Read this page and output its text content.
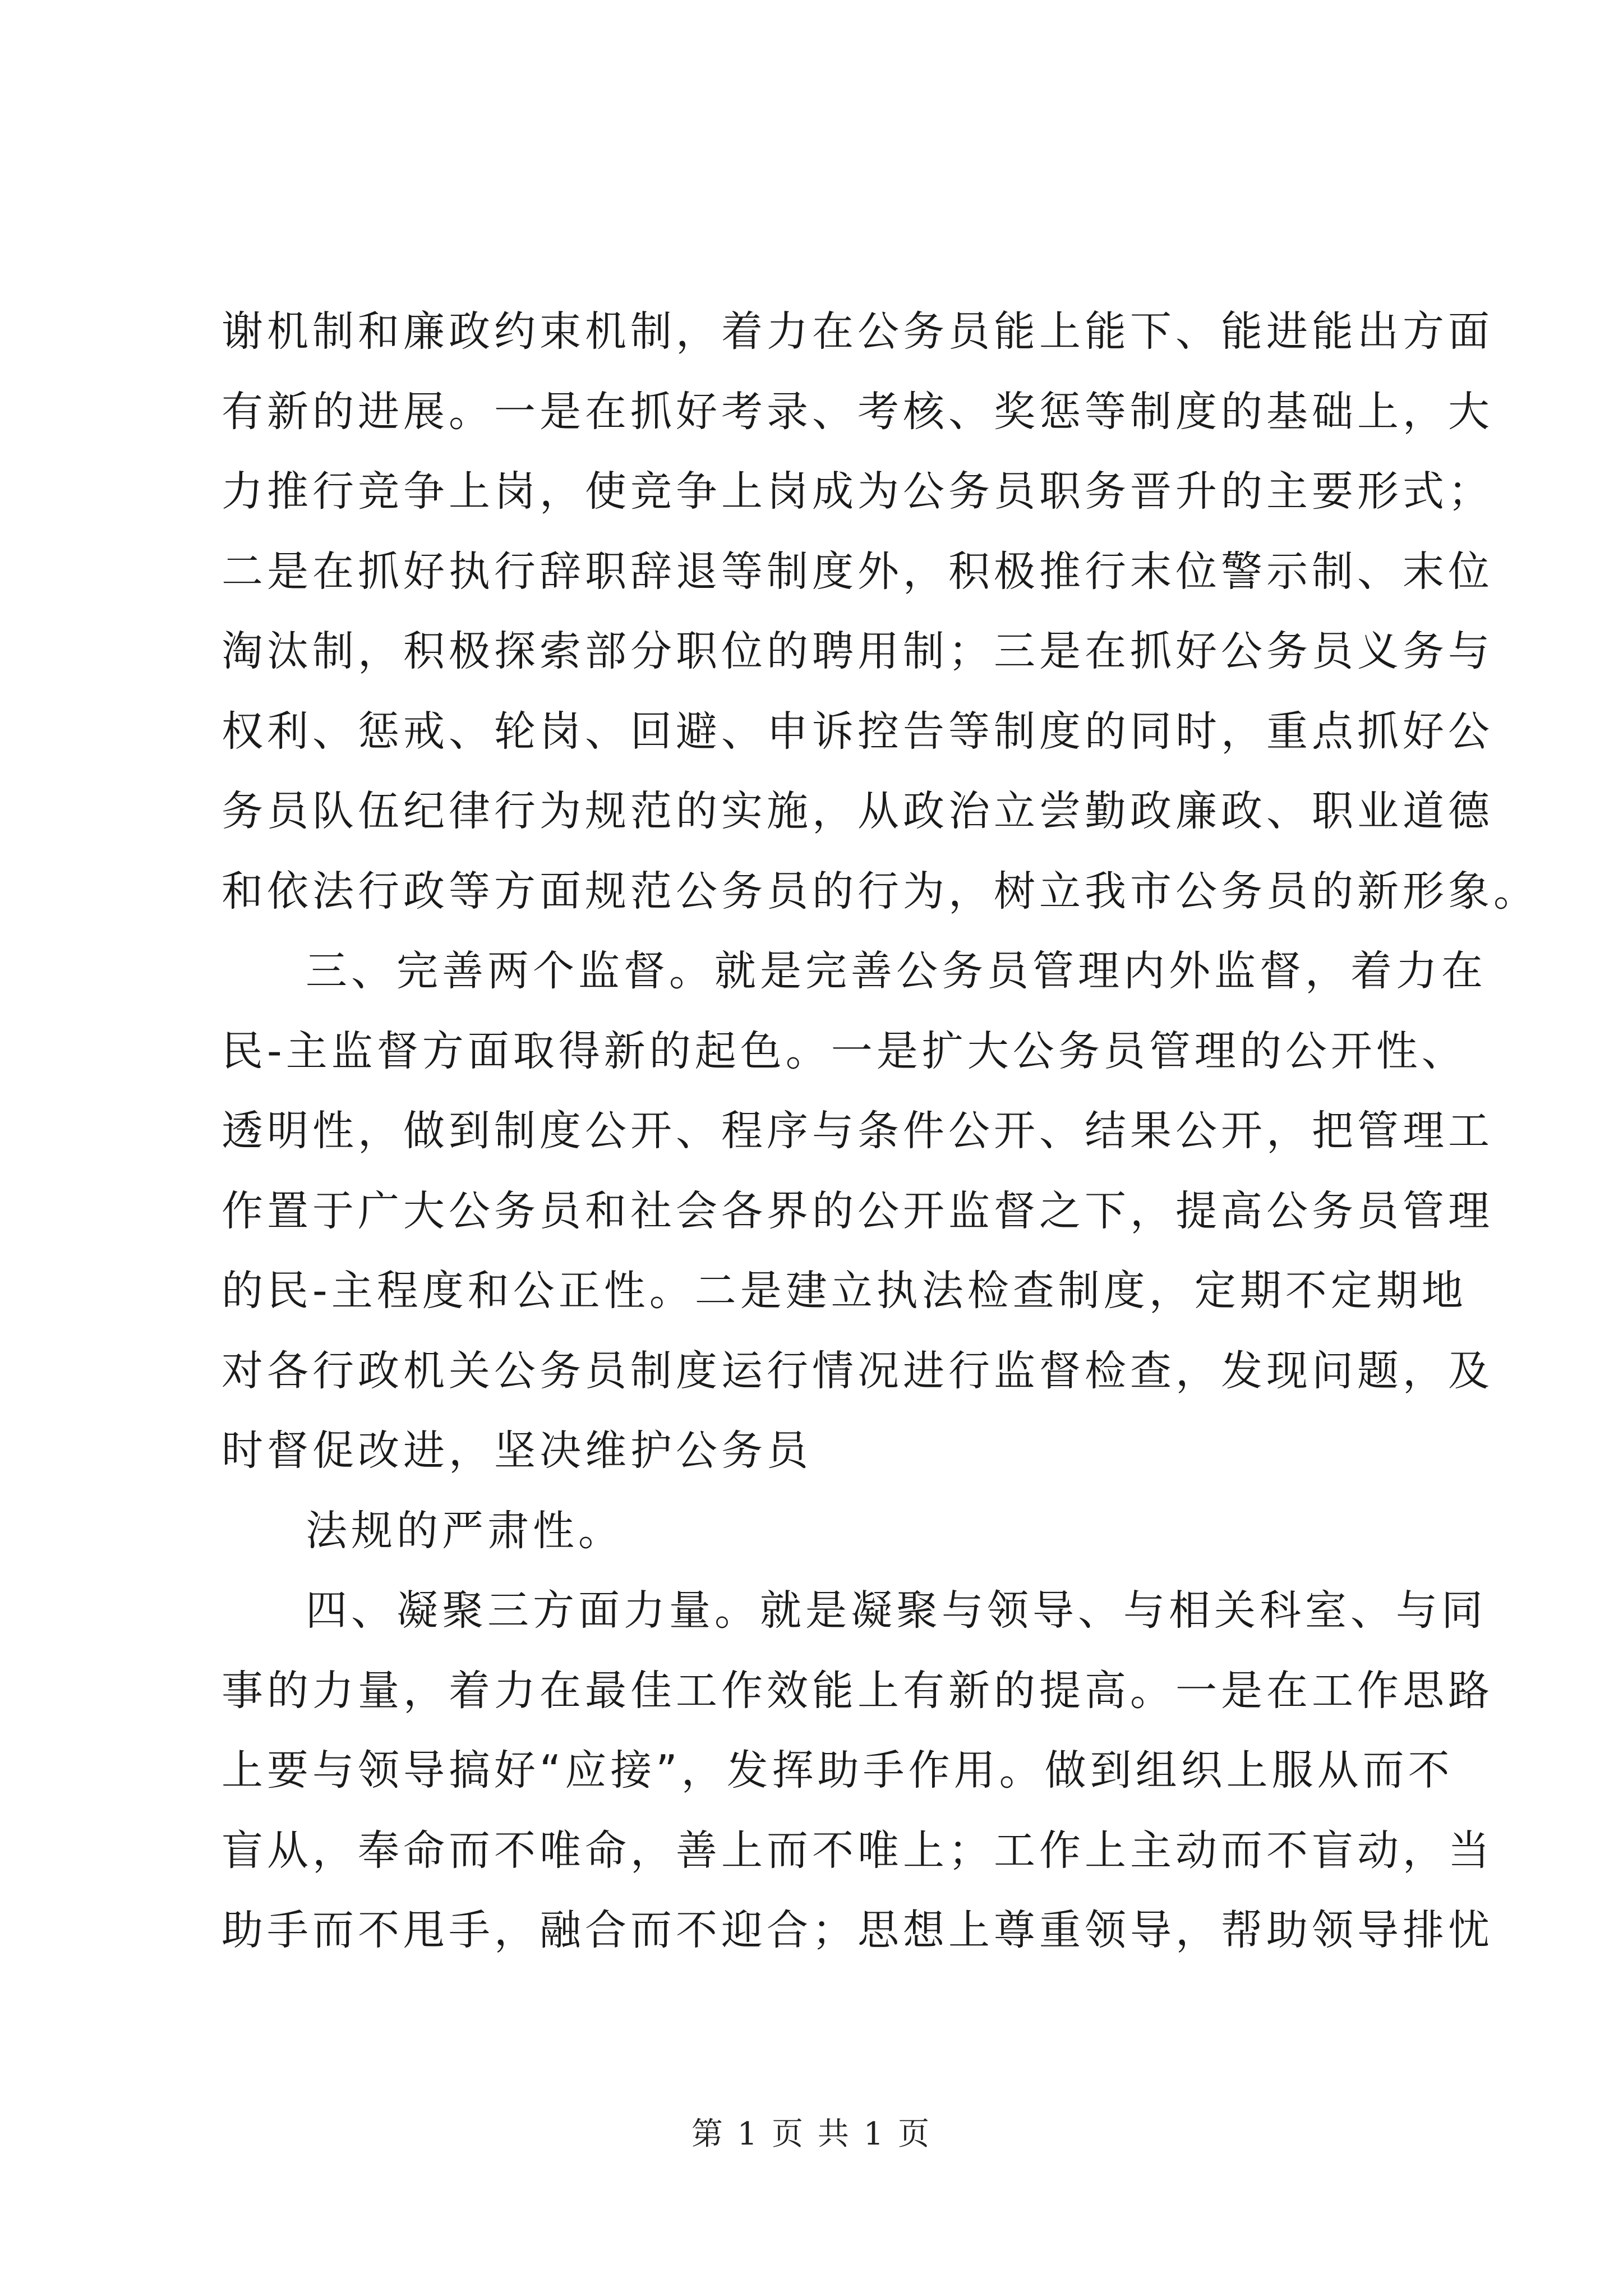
谢机制和廉政约束机制，着力在公务员能上能下、能进能出方面
有新的进展。一是在抓好考录、考核、奖惩等制度的基础上，大
力推行竞争上岗，使竞争上岗成为公务员职务晋升的主要形式；
二是在抓好执行辞职辞退等制度外，积极推行末位警示制、末位
淘汰制，积极探索部分职位的聘用制；三是在抓好公务员义务与
权利、惩戒、轮岗、回避、申诉控告等制度的同时，重点抓好公
务员队伍纪律行为规范的实施，从政治立尝勤政廉政、职业道德
和依法行政等方面规范公务员的行为，树立我市公务员的新形象。
三、完善两个监督。就是完善公务员管理内外监督，着力在
民-主监督方面取得新的起色。一是扩大公务员管理的公开性、
透明性，做到制度公开、程序与条件公开、结果公开，把管理工
作置于广大公务员和社会各界的公开监督之下，提高公务员管理
的民-主程度和公正性。二是建立执法检查制度，定期不定期地
对各行政机关公务员制度运行情况进行监督检查，发现问题，及
时督促改进，坚决维护公务员
法规的严肃性。
四、凝聚三方面力量。就是凝聚与领导、与相关科室、与同
事的力量，着力在最佳工作效能上有新的提高。一是在工作思路
上要与领导搞好“应接”，发挥助手作用。做到组织上服从而不
盲从，奉命而不唯命，善上而不唯上；工作上主动而不盲动，当
助手而不甩手，融合而不迎合；思想上尊重领导，帮助领导排忧
第 1 页 共 1 页
